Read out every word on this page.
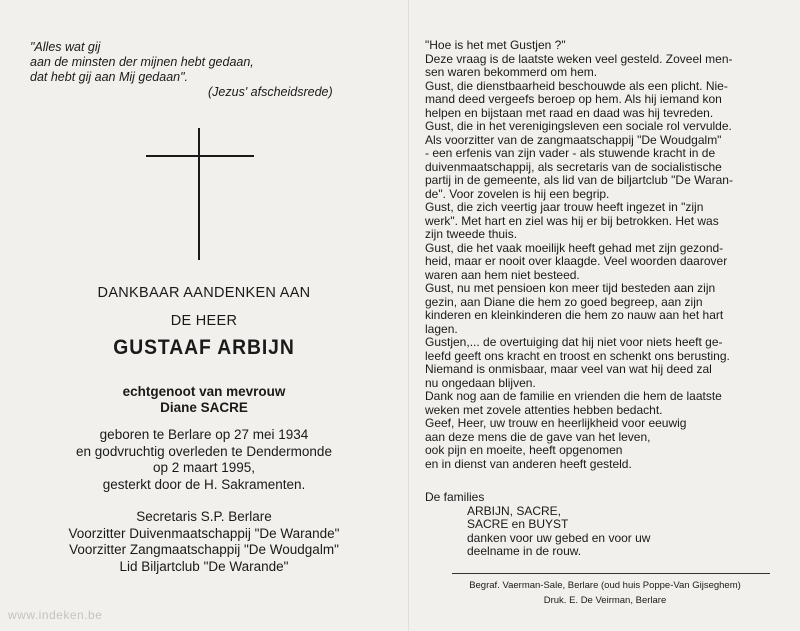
"Alles wat gij
aan de minsten der mijnen hebt gedaan,
dat hebt gij aan Mij gedaan".
(Jezus' afscheidsrede)
DANKBAAR AANDENKEN AAN
DE HEER
GUSTAAF ARBIJN
echtgenoot van mevrouw
Diane SACRE
geboren te Berlare op 27 mei 1934
en godvruchtig overleden te Dendermonde
op 2 maart 1995,
gesterkt door de H. Sakramenten.
Secretaris S.P. Berlare
Voorzitter Duivenmaatschappij "De Warande"
Voorzitter Zangmaatschappij "De Woudgalm"
Lid Biljartclub "De Warande"
"Hoe is het met Gustjen ?"
Deze vraag is de laatste weken veel gesteld. Zoveel men-
sen waren bekommerd om hem.
Gust, die dienstbaarheid beschouwde als een plicht. Nie-
mand deed vergeefs beroep op hem. Als hij iemand kon
helpen en bijstaan met raad en daad was hij tevreden.
Gust, die in het verenigingsleven een sociale rol vervulde.
Als voorzitter van de zangmaatschappij "De Woudgalm"
- een erfenis van zijn vader - als stuwende kracht in de
duivenmaatschappij, als secretaris van de socialistische
partij in de gemeente, als lid van de biljartclub "De Waran-
de". Voor zovelen is hij een begrip.
Gust, die zich veertig jaar trouw heeft ingezet in "zijn
werk". Met hart en ziel was hij er bij betrokken. Het was
zijn tweede thuis.
Gust, die het vaak moeilijk heeft gehad met zijn gezond-
heid, maar er nooit over klaagde. Veel woorden daarover
waren aan hem niet besteed.
Gust, nu met pensioen kon meer tijd besteden aan zijn
gezin, aan Diane die hem zo goed begreep, aan zijn
kinderen en kleinkinderen die hem zo nauw aan het hart
lagen.
Gustjen,... de overtuiging dat hij niet voor niets heeft ge-
leefd geeft ons kracht en troost en schenkt ons berusting.
Niemand is onmisbaar, maar veel van wat hij deed zal
nu ongedaan blijven.
Dank nog aan de familie en vrienden die hem de laatste
weken met zovele attenties hebben bedacht.
Geef, Heer, uw trouw en heerlijkheid voor eeuwig
aan deze mens die de gave van het leven,
ook pijn en moeite, heeft opgenomen
en in dienst van anderen heeft gesteld.
De families
ARBIJN, SACRE,
SACRE en BUYST
danken voor uw gebed en voor uw
deelname in de rouw.
Begraf. Vaerman-Sale, Berlare (oud huis Poppe-Van Gijseghem)
Druk. E. De Veirman, Berlare
www.indeken.be
